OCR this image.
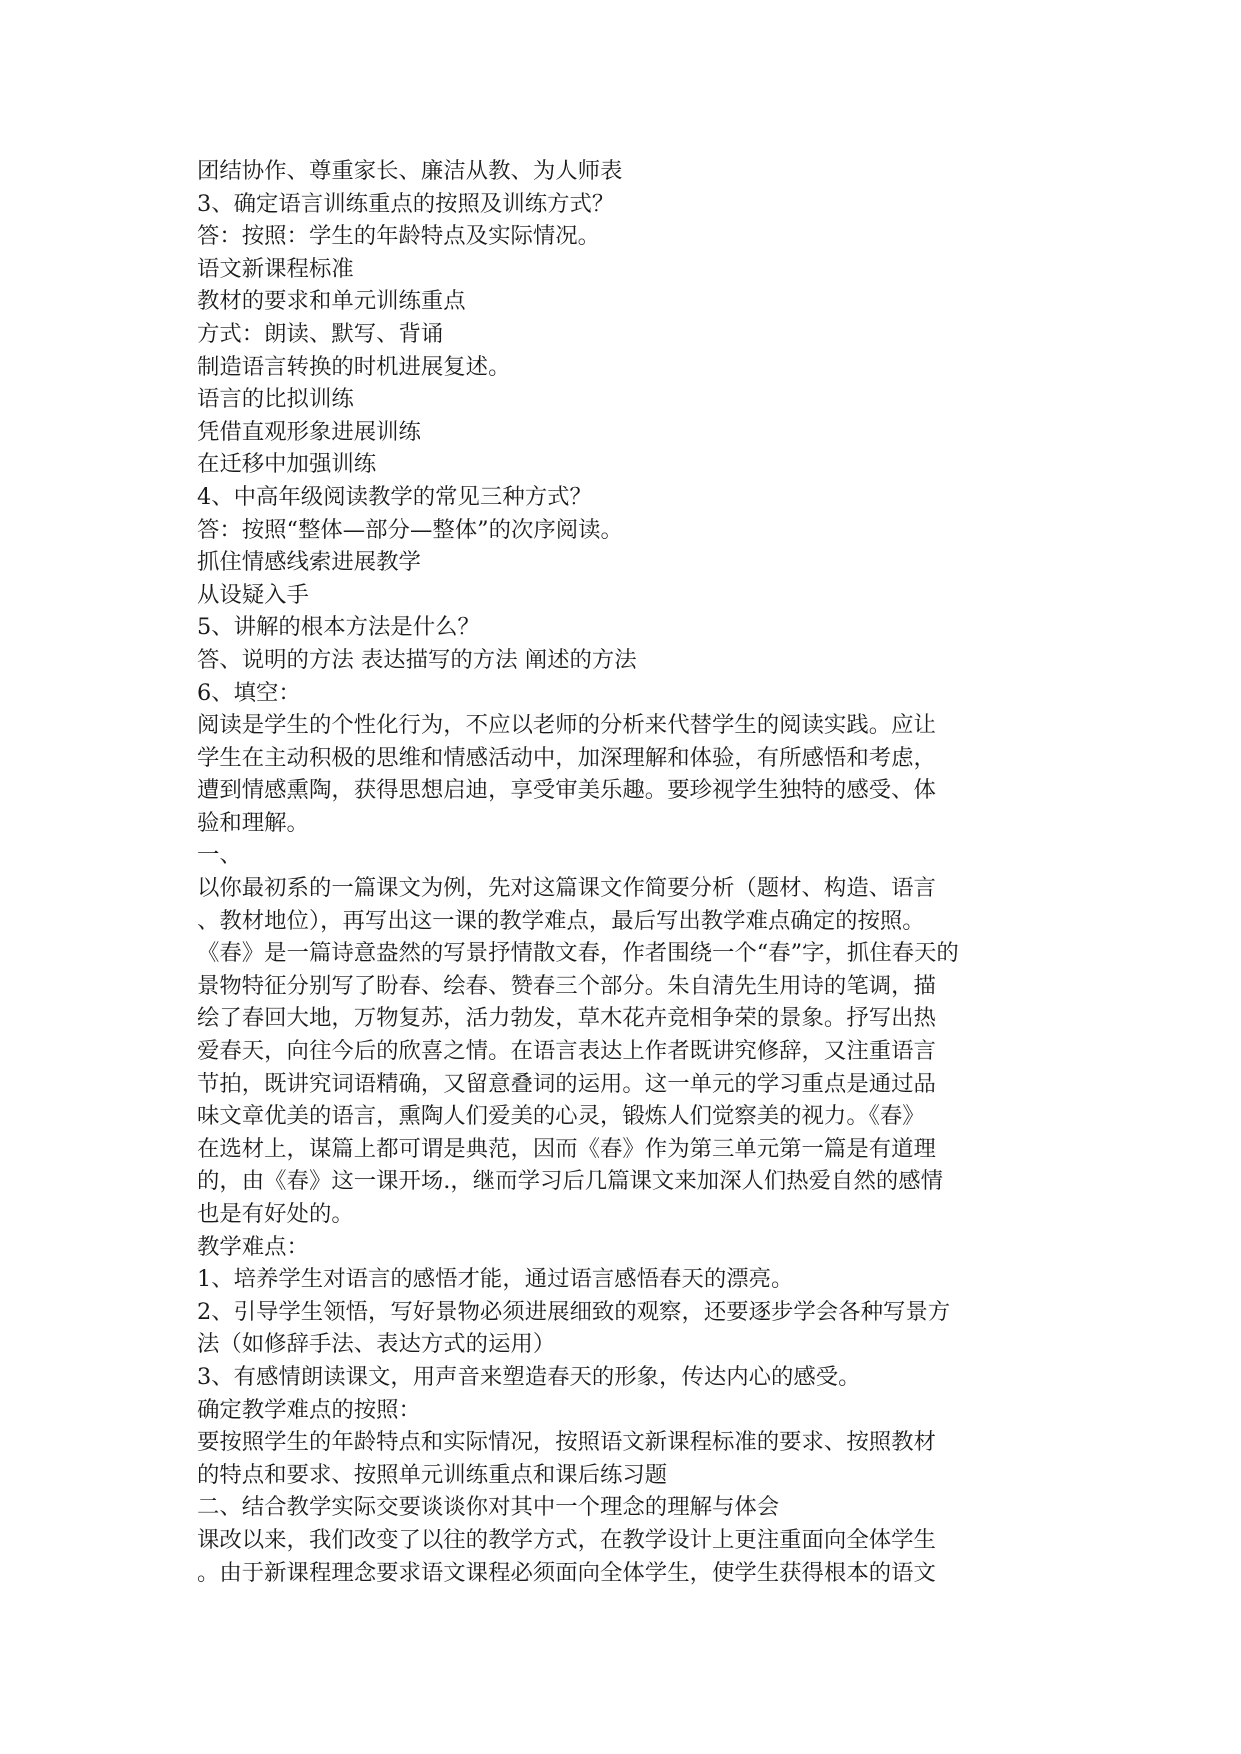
团结协作、尊重家长、廉洁从教、为人师表
3、确定语言训练重点的按照及训练方式？
答：按照：学生的年龄特点及实际情况。
语文新课程标准
教材的要求和单元训练重点
方式：朗读、默写、背诵
制造语言转换的时机进展复述。
语言的比拟训练
凭借直观形象进展训练
在迁移中加强训练
4、中高年级阅读教学的常见三种方式？
答：按照“整体—部分—整体”的次序阅读。
抓住情感线索进展教学
从设疑入手
5、讲解的根本方法是什么？
答、说明的方法 表达描写的方法 阐述的方法
6、填空：
阅读是学生的个性化行为，不应以老师的分析来代替学生的阅读实践。应让
学生在主动积极的思维和情感活动中，加深理解和体验，有所感悟和考虑，
遭到情感熏陶，获得思想启迪，享受审美乐趣。要珍视学生独特的感受、体
验和理解。
一、
以你最初系的一篇课文为例，先对这篇课文作简要分析（题材、构造、语言
、教材地位），再写出这一课的教学难点，最后写出教学难点确定的按照。
《春》是一篇诗意盎然的写景抒情散文春，作者围绕一个“春”字，抓住春天的
景物特征分别写了盼春、绘春、赞春三个部分。朱自清先生用诗的笔调，描
绘了春回大地，万物复苏，活力勃发，草木花卉竞相争荣的景象。抒写出热
爱春天，向往今后的欣喜之情。在语言表达上作者既讲究修辞，又注重语言
节拍，既讲究词语精确，又留意叠词的运用。这一单元的学习重点是通过品
味文章优美的语言，熏陶人们爱美的心灵，锻炼人们觉察美的视力。《春》
在选材上，谋篇上都可谓是典范，因而《春》作为第三单元第一篇是有道理
的，由《春》这一课开场.，继而学习后几篇课文来加深人们热爱自然的感情
也是有好处的。
教学难点：
1、培养学生对语言的感悟才能，通过语言感悟春天的漂亮。
2、引导学生领悟，写好景物必须进展细致的观察，还要逐步学会各种写景方
法（如修辞手法、表达方式的运用）
3、有感情朗读课文，用声音来塑造春天的形象，传达内心的感受。
确定教学难点的按照：
要按照学生的年龄特点和实际情况，按照语文新课程标准的要求、按照教材
的特点和要求、按照单元训练重点和课后练习题
二、结合教学实际交要谈谈你对其中一个理念的理解与体会
课改以来，我们改变了以往的教学方式，在教学设计上更注重面向全体学生
。由于新课程理念要求语文课程必须面向全体学生，使学生获得根本的语文
